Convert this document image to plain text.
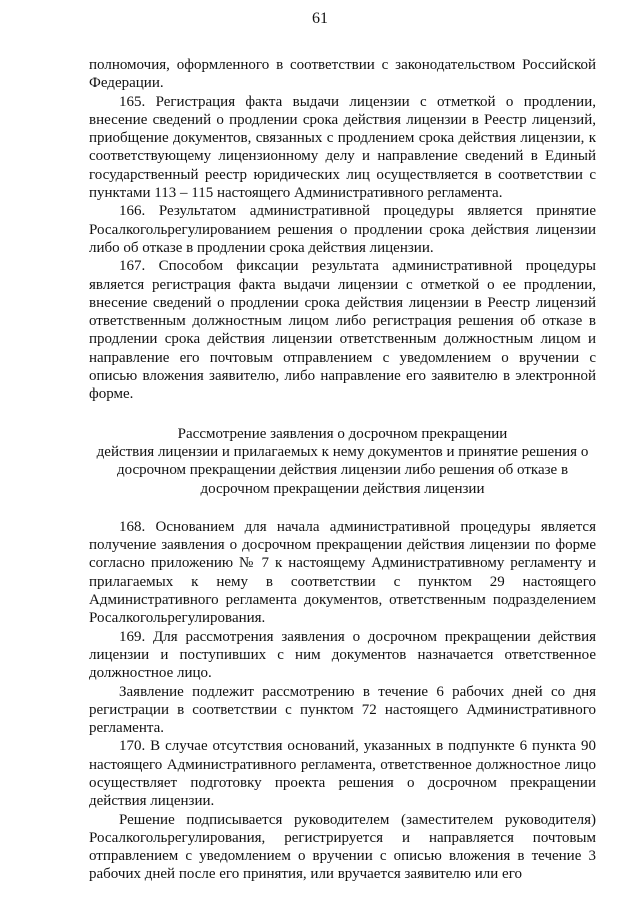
61

полномочия, оформленного в соответствии с законодательством Российской Федерации.

165. Регистрация факта выдачи лицензии с отметкой о продлении, внесение сведений о продлении срока действия лицензии в Реестр лицензий, приобщение документов, связанных с продлением срока действия лицензии, к соответствующему лицензионному делу и направление сведений в Единый государственный реестр юридических лиц осуществляется в соответствии с пунктами 113 – 115 настоящего Административного регламента.

166. Результатом административной процедуры является принятие Росалкогольрегулированием решения о продлении срока действия лицензии либо об отказе в продлении срока действия лицензии.

167. Способом фиксации результата административной процедуры является регистрация факта выдачи лицензии с отметкой о ее продлении, внесение сведений о продлении срока действия лицензии в Реестр лицензий ответственным должностным лицом либо регистрация решения об отказе в продлении срока действия лицензии ответственным должностным лицом и направление его почтовым отправлением с уведомлением о вручении с описью вложения заявителю, либо направление его заявителю в электронной форме.

Рассмотрение заявления о досрочном прекращении
действия лицензии и прилагаемых к нему документов и принятие решения о
досрочном прекращении действия лицензии либо решения об отказе в
досрочном прекращении действия лицензии

168. Основанием для начала административной процедуры является получение заявления о досрочном прекращении действия лицензии по форме согласно приложению № 7 к настоящему Административному регламенту и прилагаемых к нему в соответствии с пунктом 29 настоящего Административного регламента документов, ответственным подразделением Росалкогольрегулирования.

169. Для рассмотрения заявления о досрочном прекращении действия лицензии и поступивших с ним документов назначается ответственное должностное лицо.

Заявление подлежит рассмотрению в течение 6 рабочих дней со дня регистрации в соответствии с пунктом 72 настоящего Административного регламента.

170. В случае отсутствия оснований, указанных в подпункте 6 пункта 90 настоящего Административного регламента, ответственное должностное лицо осуществляет подготовку проекта решения о досрочном прекращении действия лицензии.

Решение подписывается руководителем (заместителем руководителя) Росалкогольрегулирования, регистрируется и направляется почтовым отправлением с уведомлением о вручении с описью вложения в течение 3 рабочих дней после его принятия, или вручается заявителю или его
